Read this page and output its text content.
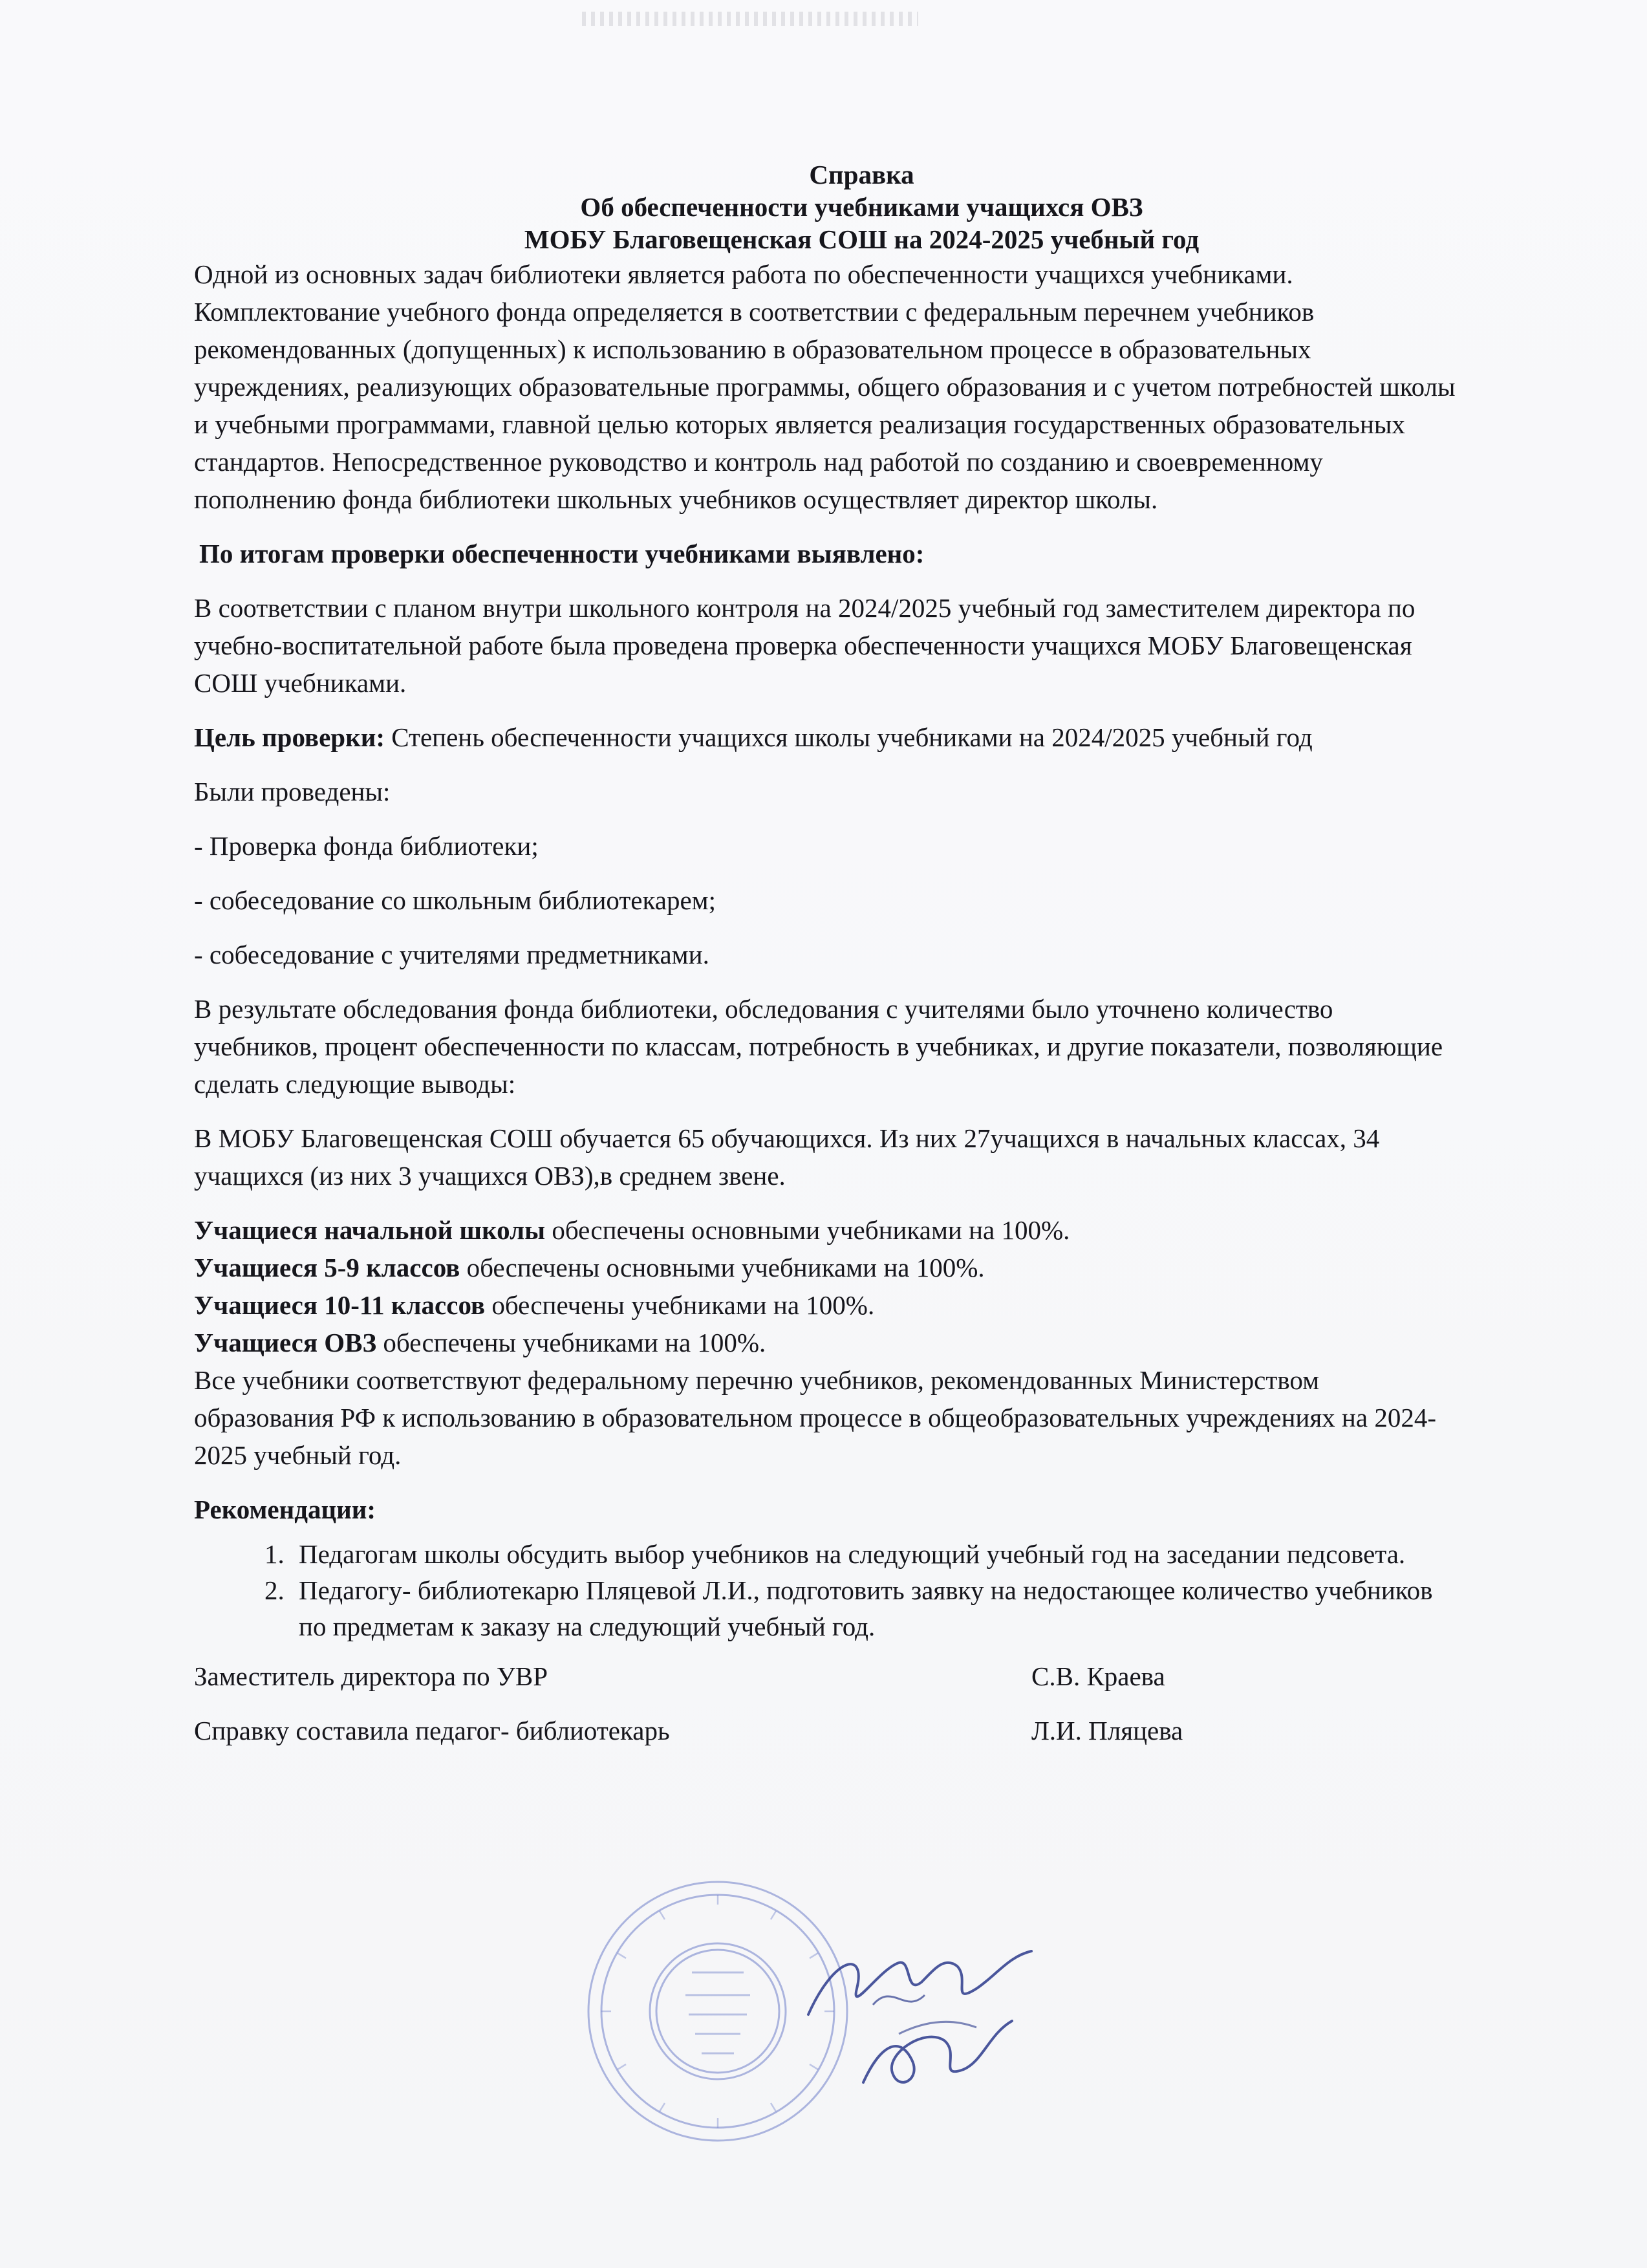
Справка
Об обеспеченности учебниками учащихся ОВЗ
МОБУ Благовещенская СОШ на 2024-2025 учебный год

Одной из основных задач библиотеки является работа по обеспеченности учащихся учебниками. Комплектование учебного фонда определяется в соответствии с федеральным перечнем учебников рекомендованных (допущенных) к использованию в образовательном процессе в образовательных учреждениях, реализующих образовательные программы, общего образования и с учетом потребностей школы и учебными программами, главной целью которых является реализация государственных образовательных стандартов. Непосредственное руководство и контроль над работой по созданию и своевременному пополнению фонда библиотеки школьных учебников осуществляет директор школы.

По итогам проверки обеспеченности учебниками выявлено:

В соответствии с планом внутри школьного контроля на 2024/2025 учебный год заместителем директора по учебно-воспитательной работе была проведена проверка обеспеченности учащихся МОБУ Благовещенская СОШ учебниками.

Цель проверки: Степень обеспеченности учащихся школы учебниками на 2024/2025 учебный год

Были проведены:

- Проверка фонда библиотеки;

- собеседование со школьным библиотекарем;

- собеседование с учителями предметниками.

В результате обследования фонда библиотеки, обследования с учителями было уточнено количество учебников, процент обеспеченности по классам, потребность в учебниках, и другие показатели, позволяющие сделать следующие выводы:

В МОБУ Благовещенская СОШ обучается 65 обучающихся. Из них 27учащихся в начальных классах, 34 учащихся (из них 3 учащихся ОВЗ),в среднем звене.

Учащиеся начальной школы обеспечены основными учебниками на 100%.

Учащиеся 5-9 классов обеспечены основными учебниками на 100%.

Учащиеся 10-11 классов обеспечены учебниками на 100%.

Учащиеся ОВЗ обеспечены учебниками на 100%.

Все учебники соответствуют федеральному перечню учебников, рекомендованных Министерством образования РФ к использованию в образовательном процессе в общеобразовательных учреждениях на 2024-2025 учебный год.

Рекомендации:

1. Педагогам школы обсудить выбор учебников на следующий учебный год на заседании педсовета.
2. Педагогу- библиотекарю Пляцевой Л.И., подготовить заявку на недостающее количество учебников по предметам к заказу на следующий учебный год.
Заместитель директора по УВР	С.В. Краева
Справку составила педагог- библиотекарь	Л.И. Пляцева
